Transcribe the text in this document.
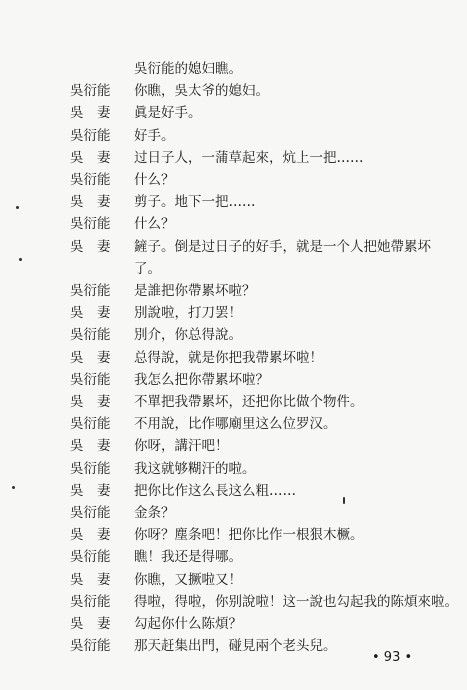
吳衍能的媳妇瞧。
吳衍能	你瞧，吳太爷的媳妇。
吳　妻	眞是好手。
吳衍能	好手。
吳　妻	过日子人，一蒲草起來，炕上一把……
吳衍能	什么？
吳　妻	剪子。地下一把……
吳衍能	什么？
吳　妻	鏟子。倒是过日子的好手，就是一个人把她帶累坏
了。
吳衍能	是誰把你帶累坏啦？
吳　妻	別說啦，打刀罢！
吳衍能	別介，你总得說。
吳　妻	总得說，就是你把我帶累坏啦！
吳衍能	我怎么把你帶累坏啦？
吳　妻	不單把我帶累坏，还把你比做个物件。
吳衍能	不用說，比作哪廟里这么位罗汉。
吳　妻	你呀，講汗吧！
吳衍能	我这就够糊汗的啦。
吳　妻	把你比作这么長这么粗……
吳衍能	金条？
吳　妻	你呀？塵条吧！把你比作一根狠木橛。
吳衍能	瞧！我还是得哪。
吳　妻	你瞧，又撅啦又！
吳衍能	得啦，得啦，你别說啦！这一說也勾起我的陈煩來啦。
吳　妻	勾起你什么陈煩？
吳衍能	那天赶集出門，碰見兩个老头兒。
• 93 •
